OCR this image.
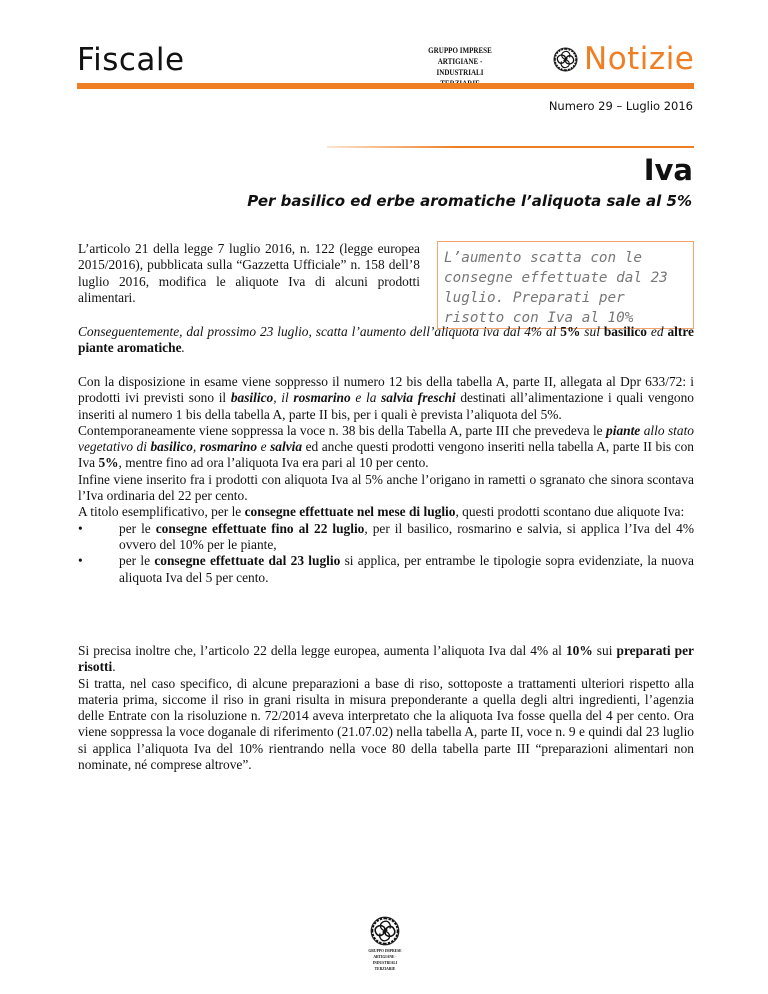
Fiscale	GRUPPO IMPRESE
ARTIGIANE - INDUSTRIALI	Notizie
Numero 29 – Luglio 2016
Iva
Per basilico ed erbe aromatiche l’aliquota sale al 5%

L’articolo 21 della legge 7 luglio 2016, n. 122 (legge europea 2015/2016), pubblicata sulla “Gazzetta Ufficiale” n. 158 dell’8 luglio 2016, modifica le aliquote Iva di alcuni prodotti alimentari.

L’aumento scatta con le consegne effettuate dal 23 luglio. Preparati per risotto con Iva al 10%

Conseguentemente, dal prossimo 23 luglio, scatta l’aumento dell’aliquota iva dal 4% al 5% sul basilico ed altre piante aromatiche.

Con la disposizione in esame viene soppresso il numero 12 bis della tabella A, parte II, allegata al Dpr 633/72: i prodotti ivi previsti sono il basilico, il rosmarino e la salvia freschi destinati all’alimentazione i quali vengono inseriti al numero 1 bis della tabella A, parte II bis, per i quali è prevista l’aliquota del 5%.

Contemporaneamente viene soppressa la voce n. 38 bis della Tabella A, parte III che prevedeva le piante allo stato vegetativo di basilico, rosmarino e salvia ed anche questi prodotti vengono inseriti nella tabella A, parte II bis con Iva 5%, mentre fino ad ora l’aliquota Iva era pari al 10 per cento.

Infine viene inserito fra i prodotti con aliquota Iva al 5% anche l’origano in rametti o sgranato che sinora scontava l’Iva ordinaria del 22 per cento.

A titolo esemplificativo, per le consegne effettuate nel mese di luglio, questi prodotti scontano due aliquote Iva:

•	per le consegne effettuate fino al 22 luglio, per il basilico, rosmarino e salvia, si applica l’Iva del 4% ovvero del 10% per le piante,
•	per le consegne effettuate dal 23 luglio si applica, per entrambe le tipologie sopra evidenziate, la nuova aliquota Iva del 5 per cento.

Si precisa inoltre che, l’articolo 22 della legge europea, aumenta l’aliquota Iva dal 4% al 10% sui preparati per risotti.

Si tratta, nel caso specifico, di alcune preparazioni a base di riso, sottoposte a trattamenti ulteriori rispetto alla materia prima, siccome il riso in grani risulta in misura preponderante a quella degli altri ingredienti, l’agenzia delle Entrate con la risoluzione n. 72/2014 aveva interpretato che la aliquota Iva fosse quella del 4 per cento. Ora viene soppressa la voce doganale di riferimento (21.07.02) nella tabella A, parte II, voce n. 9 e quindi dal 23 luglio si applica l’aliquota Iva del 10% rientrando nella voce 80 della tabella parte III “preparazioni alimentari non nominate, né comprese altrove”.

GRUPPO IMPRESE
ARTIGIANE - INDUSTRIALI
TERZIARIE
